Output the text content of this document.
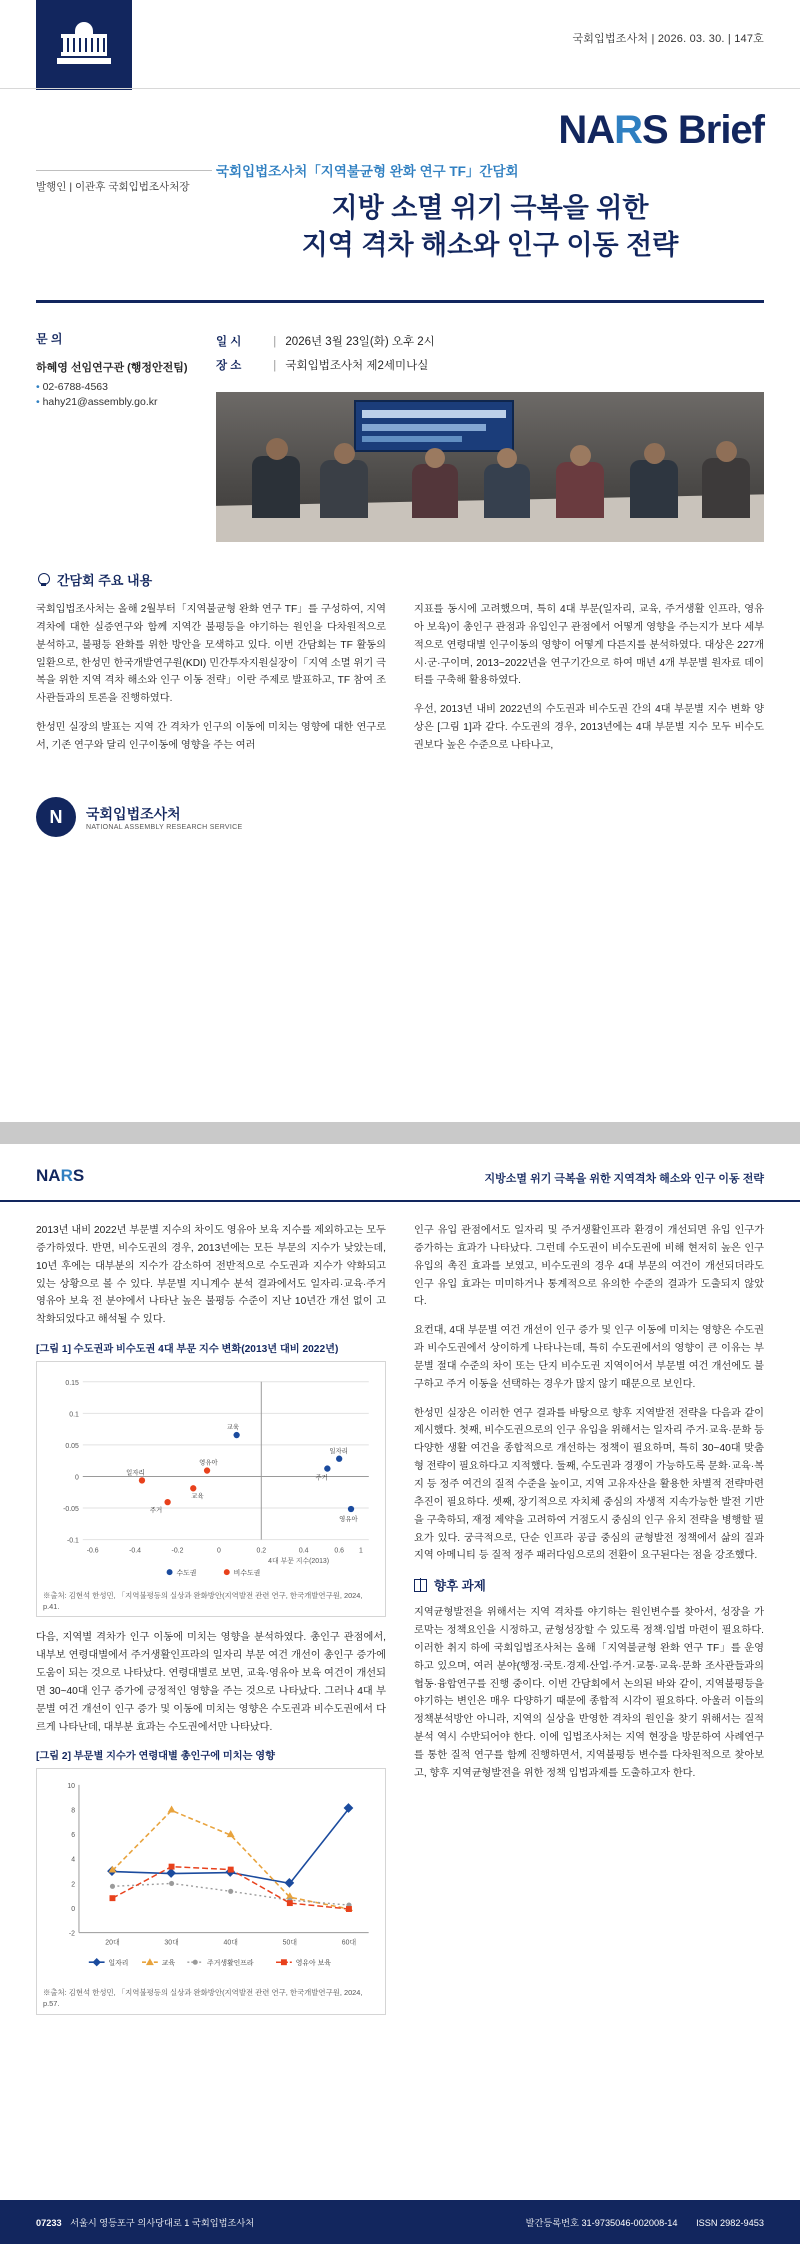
국회입법조사처 | 2026. 03. 30. | 147호
NARS Brief
발행인 | 이관후 국회입법조사처장
국회입법조사처「지역불균형 완화 연구 TF」간담회
지방 소멸 위기 극복을 위한
지역 격차 해소와 인구 이동 전략
문 의
하혜영 선임연구관 (행정안전팀)
• 02-6788-4563
• hahy21@assembly.go.kr
일 시	| 2026년 3월 23일(화) 오후 2시
장 소	| 국회입법조사처 제2세미나실
간담회 주요 내용

국회입법조사처는 올해 2월부터「지역불균형 완화 연구 TF」를 구성하여, 지역 격차에 대한 실증연구와 함께 지역간 불평등을 야기하는 원인을 다차원적으로 분석하고, 불평등 완화를 위한 방안을 모색하고 있다. 이번 간담회는 TF 활동의 일환으로, 한성민 한국개발연구원(KDI) 민간투자지원실장이「지역 소멸 위기 극복을 위한 지역 격차 해소와 인구 이동 전략」이란 주제로 발표하고, TF 참여 조사관들과의 토론을 진행하였다.

한성민 실장의 발표는 지역 간 격차가 인구의 이동에 미치는 영향에 대한 연구로서, 기존 연구와 달리 인구이동에 영향을 주는 여러

지표를 동시에 고려했으며, 특히 4대 부문(일자리, 교육, 주거생활 인프라, 영유아 보육)이 총인구 관점과 유입인구 관점에서 어떻게 영향을 주는지가 보다 세부적으로 연령대별 인구이동의 영향이 어떻게 다른지를 분석하였다. 대상은 227개 시·군·구이며, 2013~2022년을 연구기간으로 하여 매년 4개 부문별 원자료 데이터를 구축해 활용하였다.

우선, 2013년 내비 2022년의 수도권과 비수도권 간의 4대 부문별 지수 변화 양상은 [그림 1]과 같다. 수도권의 경우, 2013년에는 4대 부문별 지수 모두 비수도권보다 높은 수준으로 나타나고,

N 국회입법조사처
NATIONAL ASSEMBLY RESEARCH SERVICE
NARS	지방소멸 위기 극복을 위한 지역격차 해소와 인구 이동 전략

2013년 내비 2022년 부문별 지수의 차이도 영유아 보육 지수를 제외하고는 모두 증가하였다. 반면, 비수도권의 경우, 2013년에는 모든 부문의 지수가 낮았는데, 10년 후에는 대부분의 지수가 감소하여 전반적으로 수도권과 지수가 약화되고 있는 상황으로 볼 수 있다. 부문별 지니계수 분석 결과에서도 일자리·교육·주거 영유아 보육 전 분야에서 나타난 높은 불평등 수준이 지난 10년간 개선 없이 고착화되었다고 해석될 수 있다.

[그림 1] 수도권과 비수도권 4대 부문 지수 변화(2013년 대비 2022년)
0.15
0.1
0.05
0
-0.05
-0.1
-0.6	-0.4	-0.2	0	0.2	0.4	0.6 1
4대 부문 지수(2013)
일자리
교육
주거
영유아
일자리
교육
주거
영유아
수도권	비수도권
※출처: 김현석 한성민, 「지역불평등의 실상과 완화방안(지역발전 관련 연구, 한국개발연구원, 2024, p.41.

다음, 지역별 격차가 인구 이동에 미치는 영향을 분석하였다. 총인구 관점에서, 내부보 연령대별에서 주거생활인프라의 일자리 부문 여건 개선이 총인구 증가에 도움이 되는 것으로 나타났다. 연령대별로 보면, 교육·영유아 보육 여건이 개선되면 30~40대 인구 증가에 긍정적인 영향을 주는 것으로 나타났다. 그러나 4대 부문별 여건 개선이 인구 증가 및 이동에 미치는 영향은 수도권과 비수도권에서 다르게 나타난데, 대부분 효과는 수도권에서만 나타났다.

[그림 2] 부문별 지수가 연령대별 총인구에 미치는 영향
10
8
6
4
2
0
-2
20대	30대	40대	50대	60대
일자리	교육	주거생활인프라	영유아 보육
※출처: 김현석 한성민, 「지역불평등의 실상과 완화방안(지역발전 관련 연구, 한국개발연구원, 2024, p.57.

인구 유입 관점에서도 일자리 및 주거생활인프라 환경이 개선되면 유입 인구가 증가하는 효과가 나타났다. 그런데 수도권이 비수도권에 비해 현저히 높은 인구 유입의 촉진 효과를 보였고, 비수도권의 경우 4대 부문의 여건이 개선되더라도 인구 유입 효과는 미미하거나 통계적으로 유의한 수준의 결과가 도출되지 않았다.

요컨대, 4대 부문별 여건 개선이 인구 증가 및 인구 이동에 미치는 영향은 수도권과 비수도권에서 상이하게 나타나는데, 특히 수도권에서의 영향이 큰 이유는 부문별 절대 수준의 차이 또는 단지 비수도권 지역이어서 부문별 여건 개선에도 불구하고 주거 이동을 선택하는 경우가 많지 않기 때문으로 보인다.

한성민 실장은 이러한 연구 결과를 바탕으로 향후 지역발전 전략을 다음과 같이 제시했다. 첫째, 비수도권으로의 인구 유입을 위해서는 일자리 주거·교육·문화 등 다양한 생활 여건을 종합적으로 개선하는 정책이 필요하며, 특히 30~40대 맞춤형 전략이 필요하다고 지적했다. 둘째, 수도권과 경쟁이 가능하도록 문화·교육·복지 등 정주 여건의 질적 수준을 높이고, 지역 고유자산을 활용한 차별적 전략마련 추진이 필요하다. 셋째, 장기적으로 자치체 중심의 자생적 지속가능한 발전 기반을 구축하되, 재정 제약을 고려하여 거점도시 중심의 인구 유치 전략을 병행할 필요가 있다. 궁극적으로, 단순 인프라 공급 중심의 균형발전 정책에서 삶의 질과 지역 아메니티 등 질적 정주 패러다임으로의 전환이 요구된다는 점을 강조했다.

향후 과제

지역균형발전을 위해서는 지역 격차를 야기하는 원인변수를 찾아서, 성장을 가로막는 정책요인을 시정하고, 균형성장할 수 있도록 정책·입법 마련이 필요하다. 이러한 취지 하에 국회입법조사처는 올해「지역불균형 완화 연구 TF」를 운영하고 있으며, 여러 분야(행정·국토·경제·산업·주거·교통·교육·문화 조사관들과의 협동·융합연구를 진행 중이다. 이번 간담회에서 논의된 바와 같이, 지역불평등을 야기하는 변인은 매우 다양하기 때문에 종합적 시각이 필요하다. 아울러 이들의 정책분석방안 아니라, 지역의 실상을 반영한 격차의 원인을 찾기 위해서는 질적 분석 역시 수반되어야 한다. 이에 입법조사처는 지역 현장을 방문하여 사례연구를 통한 질적 연구를 함께 진행하면서, 지역불평등 변수를 다차원적으로 찾아보고, 향후 지역균형발전을 위한 정책 입법과제를 도출하고자 한다.

07233 서울시 영등포구 의사당대로 1 국회입법조사처	발간등록번호 31-9735046-002008-14 ISSN 2982-9453
